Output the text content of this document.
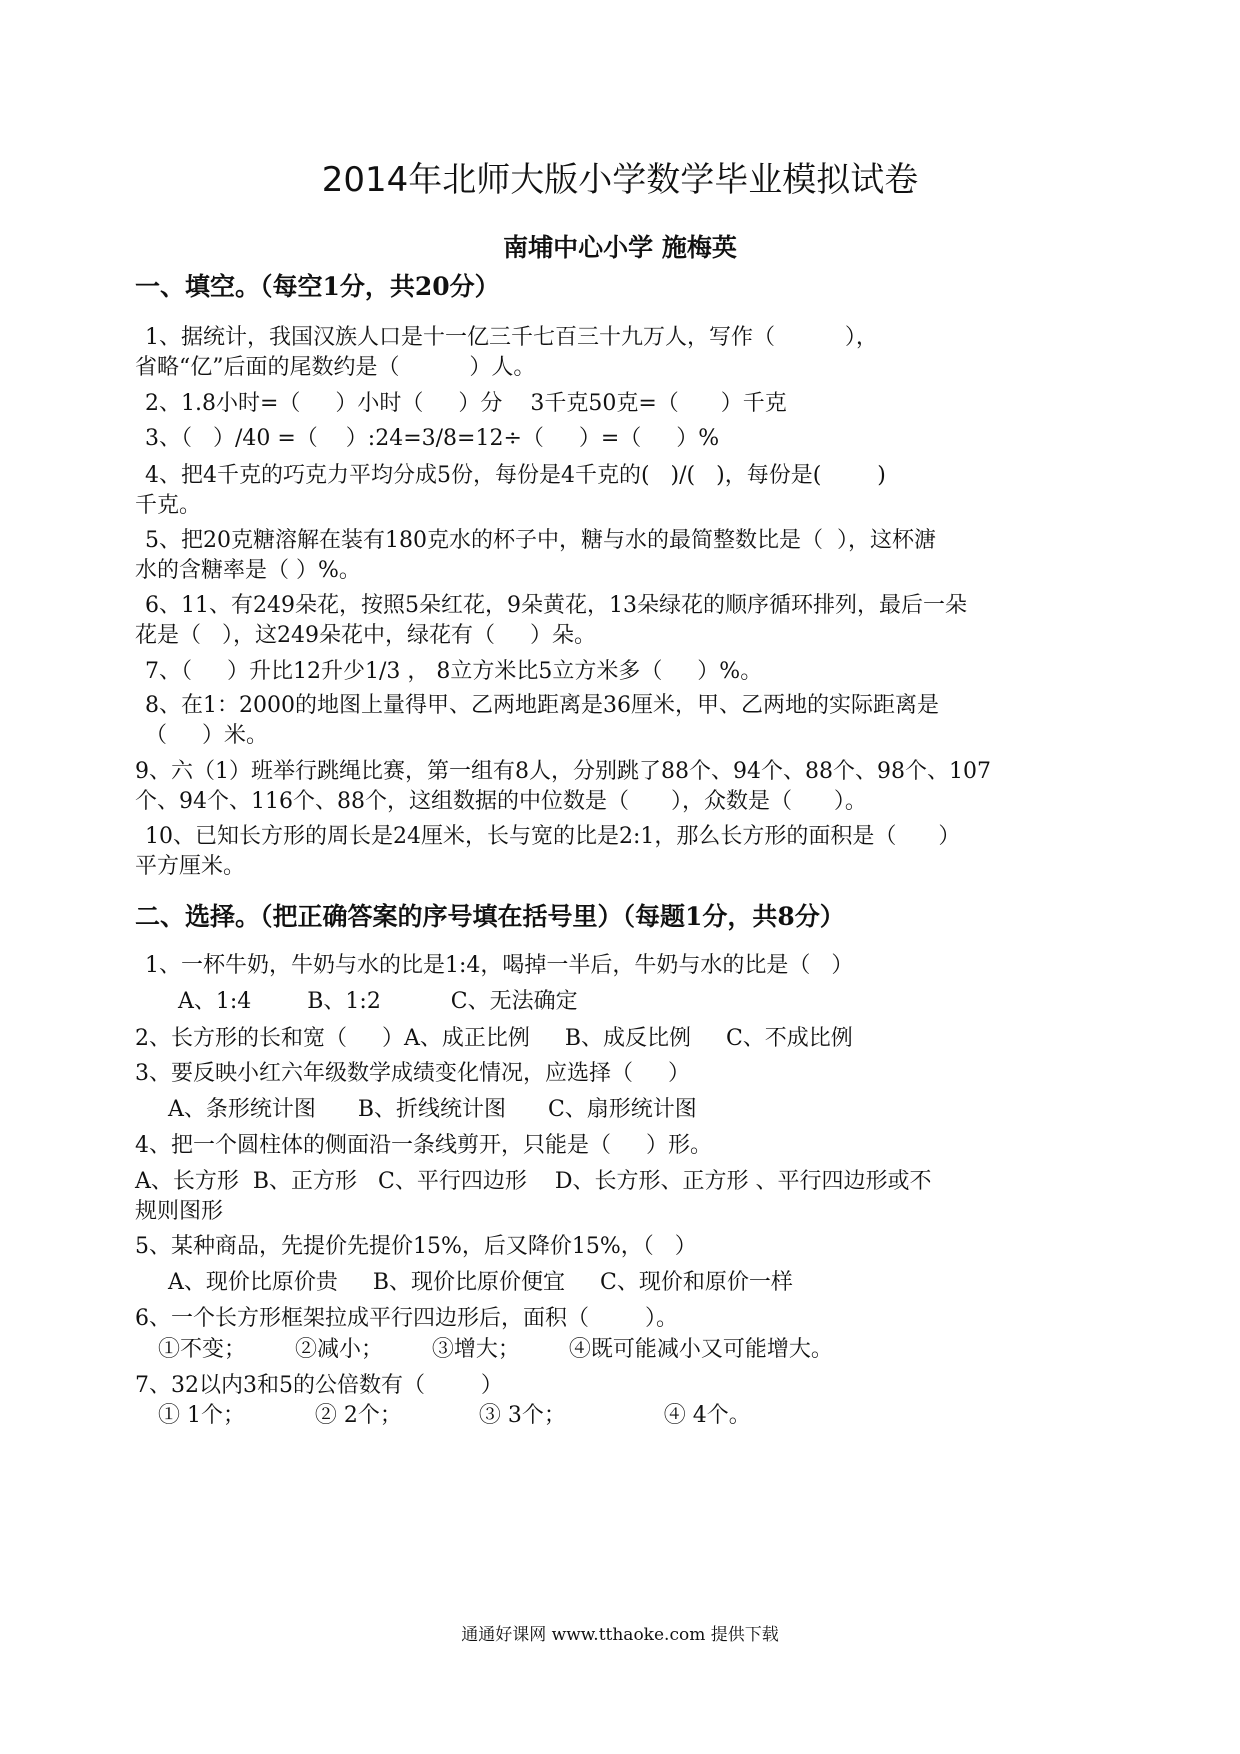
2014年北师大版小学数学毕业模拟试卷
南埔中心小学 施梅英
一、填空。（每空1分，共20分）
1、据统计，我国汉族人口是十一亿三千七百三十九万人，写作（          ），
省略“亿”后面的尾数约是（          ）人。
2、1.8小时=（     ）小时（     ）分    3千克50克=（      ）千克
3、（   ）/40 =（    ）:24=3/8=12÷（     ）=（     ）%
4、把4千克的巧克力平均分成5份，每份是4千克的(   )/(   )，每份是(        )
千克。
5、把20克糖溶解在装有180克水的杯子中，糖与水的最简整数比是（  ），这杯溏
水的含糖率是（ ）%。
6、11、有249朵花，按照5朵红花，9朵黄花，13朵绿花的顺序循环排列，最后一朵
花是（   ），这249朵花中，绿花有（     ）朵。
7、（     ）升比12升少1/3 ， 8立方米比5立方米多（     ）%。
8、在1：2000的地图上量得甲、乙两地距离是36厘米，甲、乙两地的实际距离是
（     ）米。
9、六（1）班举行跳绳比赛，第一组有8人，分别跳了88个、94个、88个、98个、107
个、94个、116个、88个，这组数据的中位数是（      ），众数是（      ）。
10、已知长方形的周长是24厘米，长与宽的比是2:1，那么长方形的面积是（      ）
平方厘米。
二、选择。（把正确答案的序号填在括号里）（每题1分，共8分）
1、一杯牛奶，牛奶与水的比是1:4，喝掉一半后，牛奶与水的比是（   ）
A、1:4        B、1:2          C、无法确定
2、长方形的长和宽（     ）A、成正比例     B、成反比例     C、不成比例
3、要反映小红六年级数学成绩变化情况，应选择（     ）
A、条形统计图      B、折线统计图      C、扇形统计图
4、把一个圆柱体的侧面沿一条线剪开，只能是（     ）形。
A、长方形  B、正方形   C、平行四边形    D、长方形、正方形 、平行四边形或不
规则图形
5、某种商品，先提价先提价15%，后又降价15%，（   ）
A、现价比原价贵     B、现价比原价便宜     C、现价和原价一样
6、一个长方形框架拉成平行四边形后，面积（        ）。
①不变；       ②减小；       ③增大；       ④既可能减小又可能增大。
7、32以内3和5的公倍数有（        ）
① 1个；          ② 2个；           ③ 3个；              ④ 4个。
通通好课网 www.tthaoke.com 提供下载
